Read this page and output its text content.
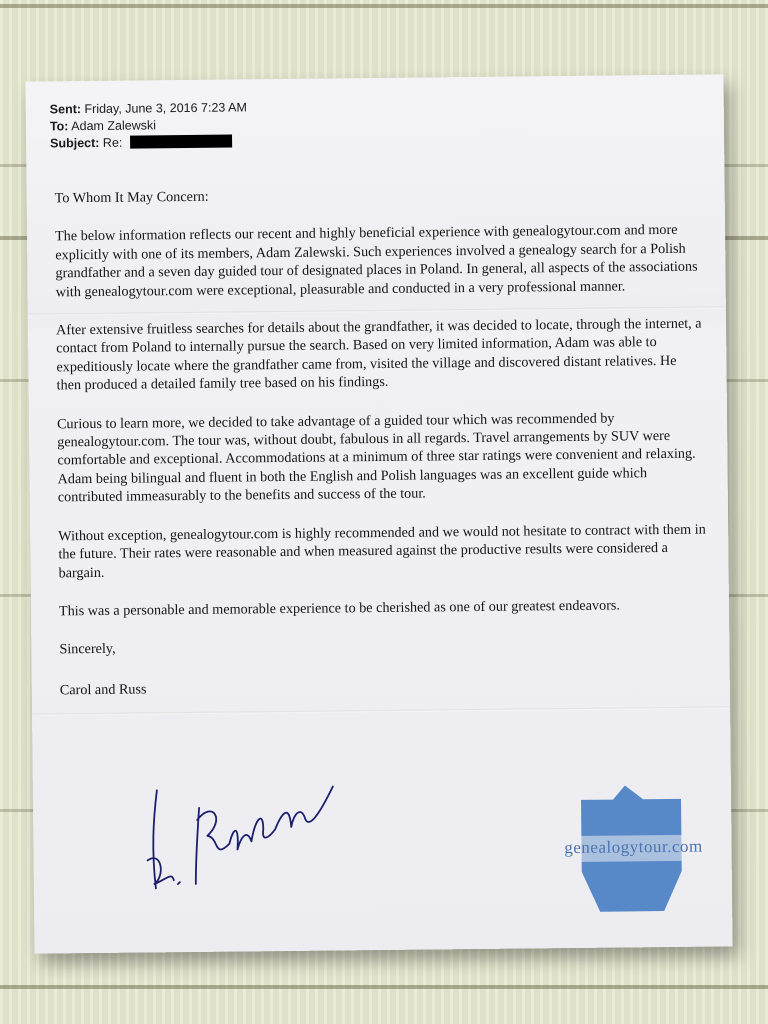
Sent: Friday, June 3, 2016 7:23 AM
To: Adam Zalewski
Subject: Re:

To Whom It May Concern:

The below information reflects our recent and highly beneficial experience with genealogytour.com and more explicitly with one of its members, Adam Zalewski. Such experiences involved a genealogy search for a Polish grandfather and a seven day guided tour of designated places in Poland. In general, all aspects of the associations with genealogytour.com were exceptional, pleasurable and conducted in a very professional manner.

After extensive fruitless searches for details about the grandfather, it was decided to locate, through the internet, a contact from Poland to internally pursue the search. Based on very limited information, Adam was able to expeditiously locate where the grandfather came from, visited the village and discovered distant relatives. He then produced a detailed family tree based on his findings.

Curious to learn more, we decided to take advantage of a guided tour which was recommended by genealogytour.com. The tour was, without doubt, fabulous in all regards. Travel arrangements by SUV were comfortable and exceptional. Accommodations at a minimum of three star ratings were convenient and relaxing. Adam being bilingual and fluent in both the English and Polish languages was an excellent guide which contributed immeasurably to the benefits and success of the tour.

Without exception, genealogytour.com is highly recommended and we would not hesitate to contract with them in the future. Their rates were reasonable and when measured against the productive results were considered a bargain.

This was a personable and memorable experience to be cherished as one of our greatest endeavors.

Sincerely,

Carol and Russ

genealogytour.com
